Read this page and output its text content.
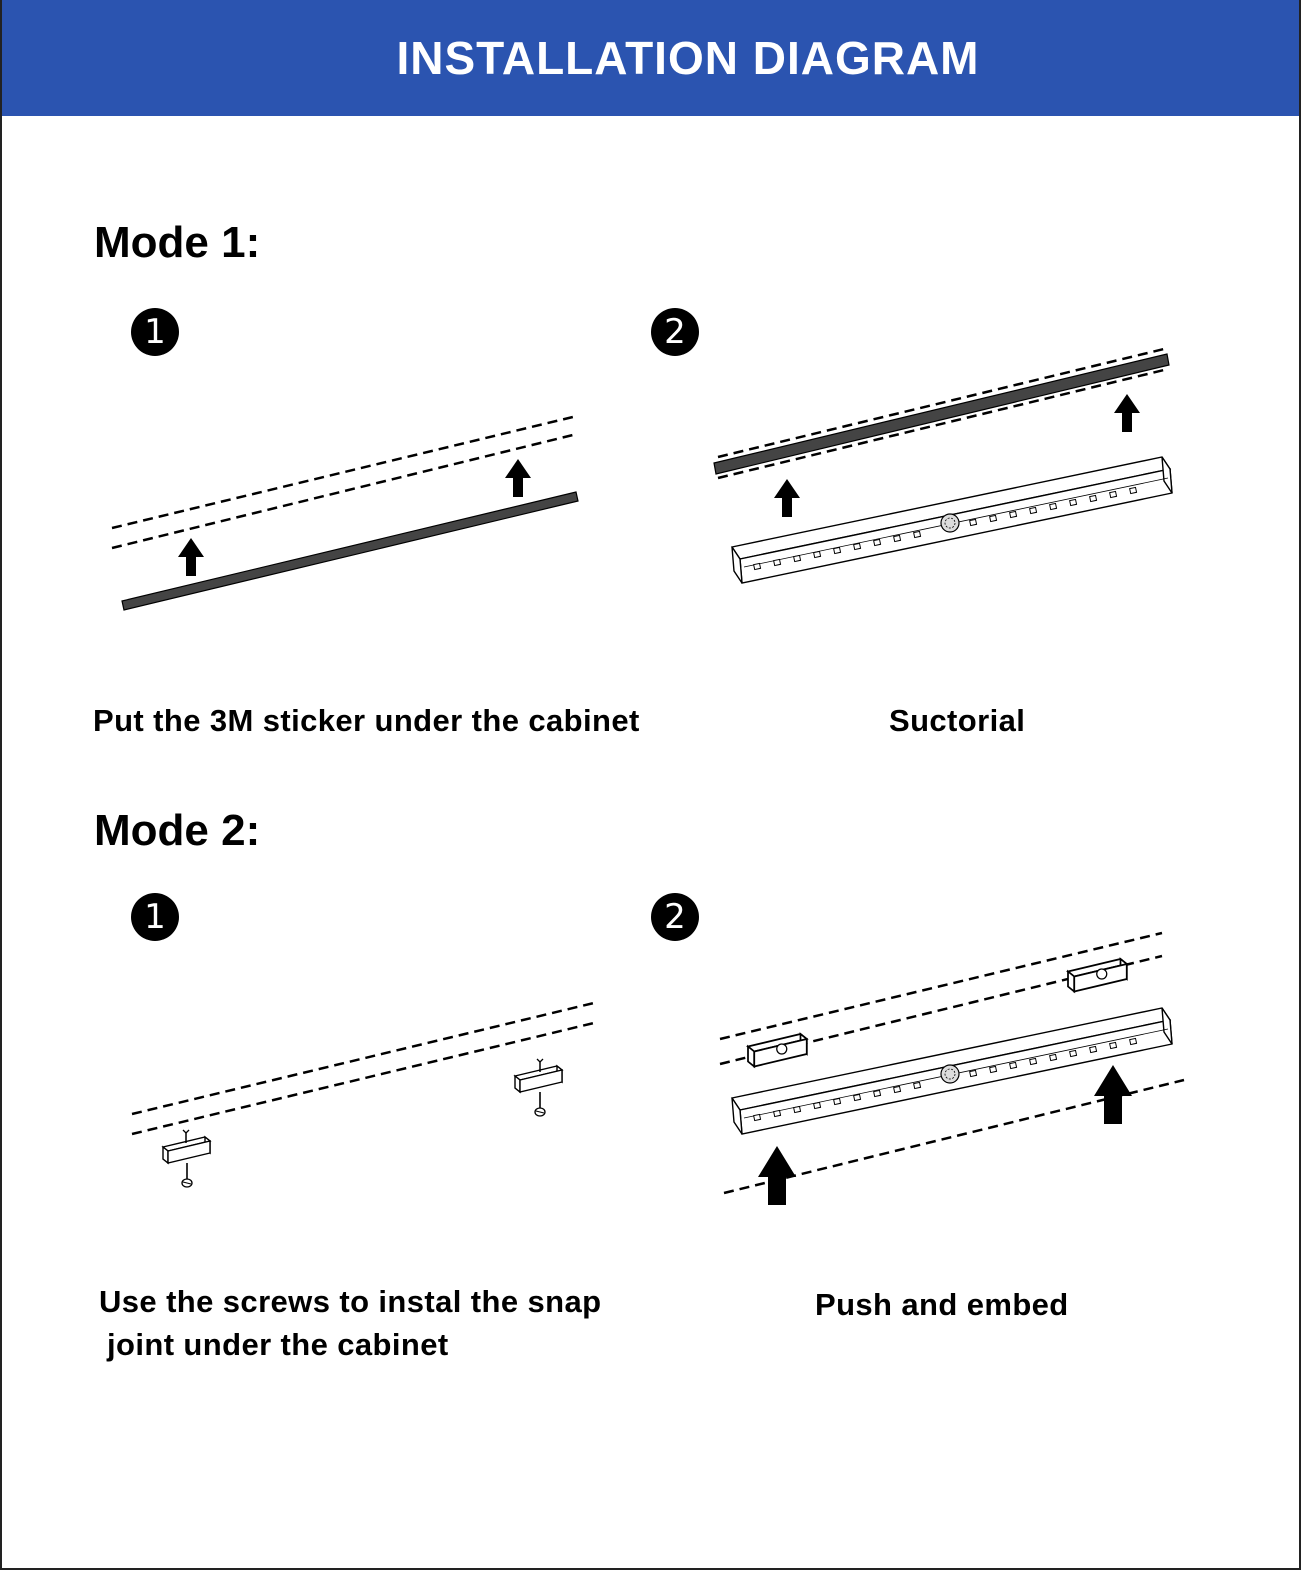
INSTALLATION DIAGRAM
Mode 1:
1	2
Put the 3M sticker under the cabinet	Suctorial
Mode 2:
1	2
Use the screws to instal the snap
joint under the cabinet
Push and embed
